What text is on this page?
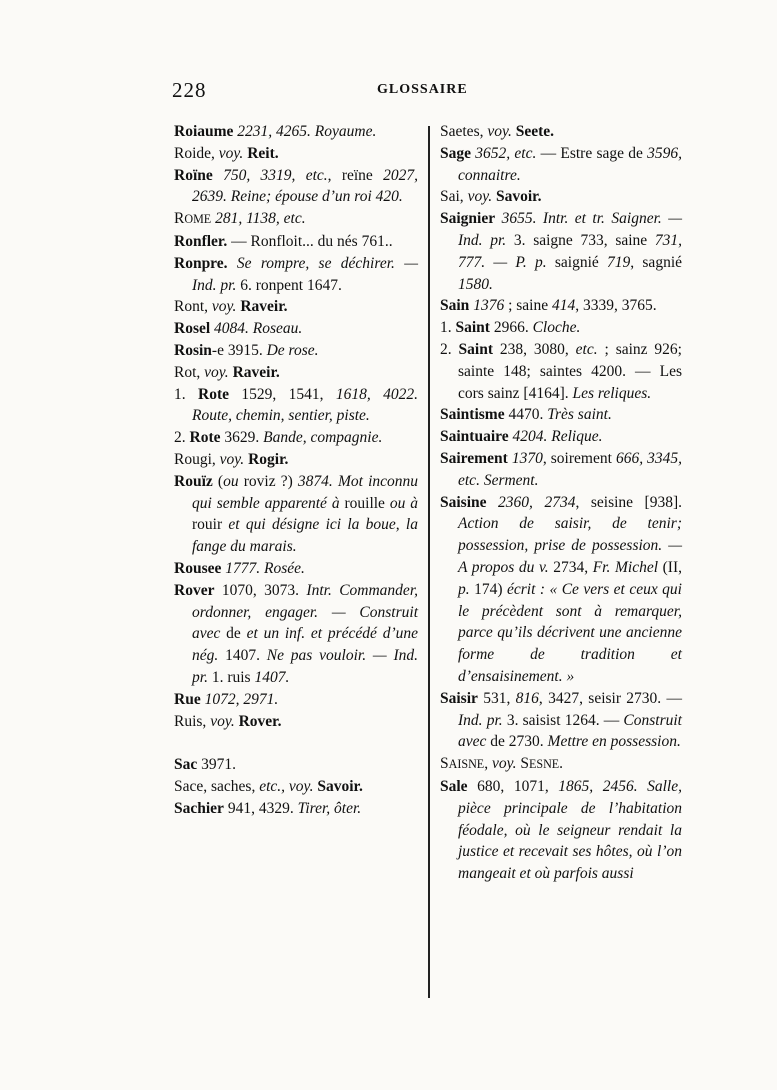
228	GLOSSAIRE
Roiaume 2231, 4265. Royaume.
Roide, voy. Reit.
Roïne 750, 3319, etc., reïne 2027, 2639. Reine; épouse d’un roi 420.
ROME 281, 1138, etc.
Ronfler. — Ronfloit... du nés 761..
Ronpre. Se rompre, se déchirer. — Ind. pr. 6. ronpent 1647.
Ront, voy. Raveir.
Rosel 4084. Roseau.
Rosin-e 3915. De rose.
Rot, voy. Raveir.
1. Rote 1529, 1541, 1618, 4022. Route, chemin, sentier, piste.
2. Rote 3629. Bande, compagnie.
Rougi, voy. Rogir.
Rouïz (ou roviz ?) 3874. Mot inconnu qui semble apparenté à rouille ou à rouir et qui désigne ici la boue, la fange du marais.
Rousee 1777. Rosée.
Rover 1070, 3073. Intr. Commander, ordonner, engager. — Construit avec de et un inf. et précédé d’une nég. 1407. Ne pas vouloir. — Ind. pr. 1. ruis 1407.
Rue 1072, 2971.
Ruis, voy. Rover.
Sac 3971.
Sace, saches, etc., voy. Savoir.
Sachier 941, 4329. Tirer, ôter.
Saetes, voy. Seete.
Sage 3652, etc. — Estre sage de 3596, connaitre.
Sai, voy. Savoir.
Saignier 3655. Intr. et tr. Saigner. — Ind. pr. 3. saigne 733, saine 731, 777. — P. p. saignié 719, sagnié 1580.
Sain 1376 ; saine 414, 3339, 3765.
1. Saint 2966. Cloche.
2. Saint 238, 3080, etc. ; sainz 926; sainte 148; saintes 4200. — Les cors sainz [4164]. Les reliques.
Saintisme 4470. Très saint.
Saintuaire 4204. Relique.
Sairement 1370, soirement 666, 3345, etc. Serment.
Saisine 2360, 2734, seisine [938]. Action de saisir, de tenir; possession, prise de possession. — A propos du v. 2734, Fr. Michel (II, p. 174) écrit : « Ce vers et ceux qui le précèdent sont à remarquer, parce qu’ils décrivent une ancienne forme de tradition et d’ensaisinement. »
Saisir 531, 816, 3427, seisir 2730. — Ind. pr. 3. saisist 1264. — Construit avec de 2730. Mettre en possession.
SAISNE, voy. SESNE.
Sale 680, 1071, 1865, 2456. Salle, pièce principale de l’habitation féodale, où le seigneur rendait la justice et recevait ses hôtes, où l’on mangeait et où parfois aussi
